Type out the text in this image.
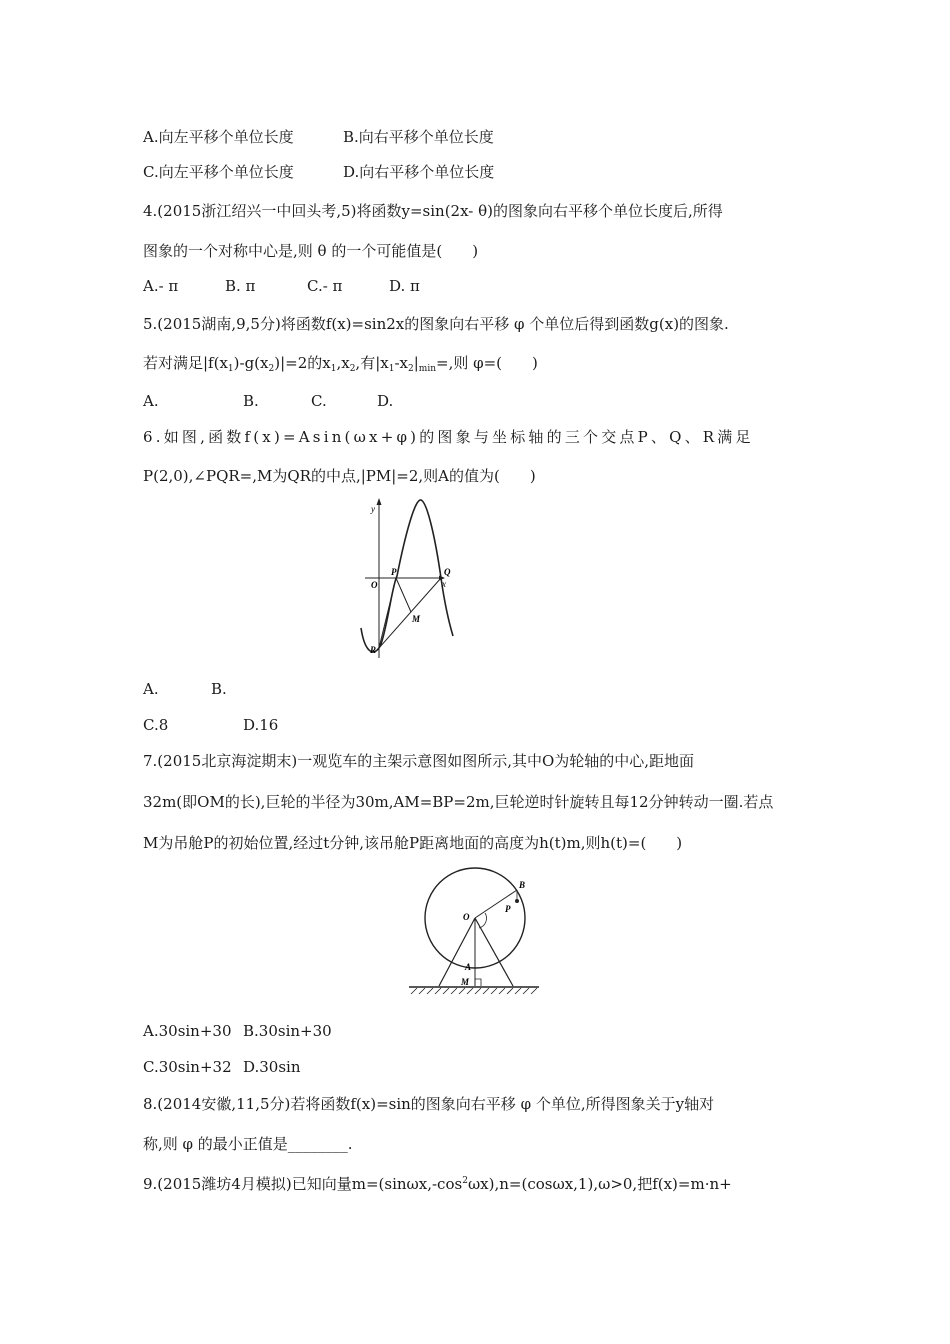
A.向左平移个单位长度	B.向右平移个单位长度
C.向左平移个单位长度	D.向右平移个单位长度
4.(2015浙江绍兴一中回头考,5)将函数y=sin(2x- θ)的图象向右平移个单位长度后,所得
图象的一个对称中心是,则 θ 的一个可能值是(　　)
A.- π	B. π	C.- π	D. π
5.(2015湖南,9,5分)将函数f(x)=sin2x的图象向右平移 φ 个单位后得到函数g(x)的图象.
若对满足$|f(x_1)-g(x_2)|=2$的$x_1,x_2$,有$|x_1-x_2|_{min}=$,则 φ=(　　)
A.	B.	C.	D.
6.如图,函数f(x)=Asin(ωx+φ)的图象与坐标轴的三个交点P、Q、R满足
P(2,0),∠PQR=,M为QR的中点,|PM|=2,则A的值为(　　)
y
x
O
P	Q
M
R
A.	B.
C.8	D.16
7.(2015北京海淀期末)一观览车的主架示意图如图所示,其中O为轮轴的中心,距地面
32m(即OM的长),巨轮的半径为30m,AM=BP=2m,巨轮逆时针旋转且每12分钟转动一圈.若点
M为吊舱P的初始位置,经过t分钟,该吊舱P距离地面的高度为h(t)m,则h(t)=(　　)
O
B
P
A
M
A.30sin+30 B.30sin+30
C.30sin+32 D.30sin
8.(2014安徽,11,5分)若将函数f(x)=sin的图象向右平移 φ 个单位,所得图象关于y轴对
称,则 φ 的最小正值是________.
9.(2015潍坊4月模拟)已知向量$m=(\sin\omega x,-\cos^2\omega x),n=(\cos\omega x,1),\omega>0$,把f(x)=m·n+
